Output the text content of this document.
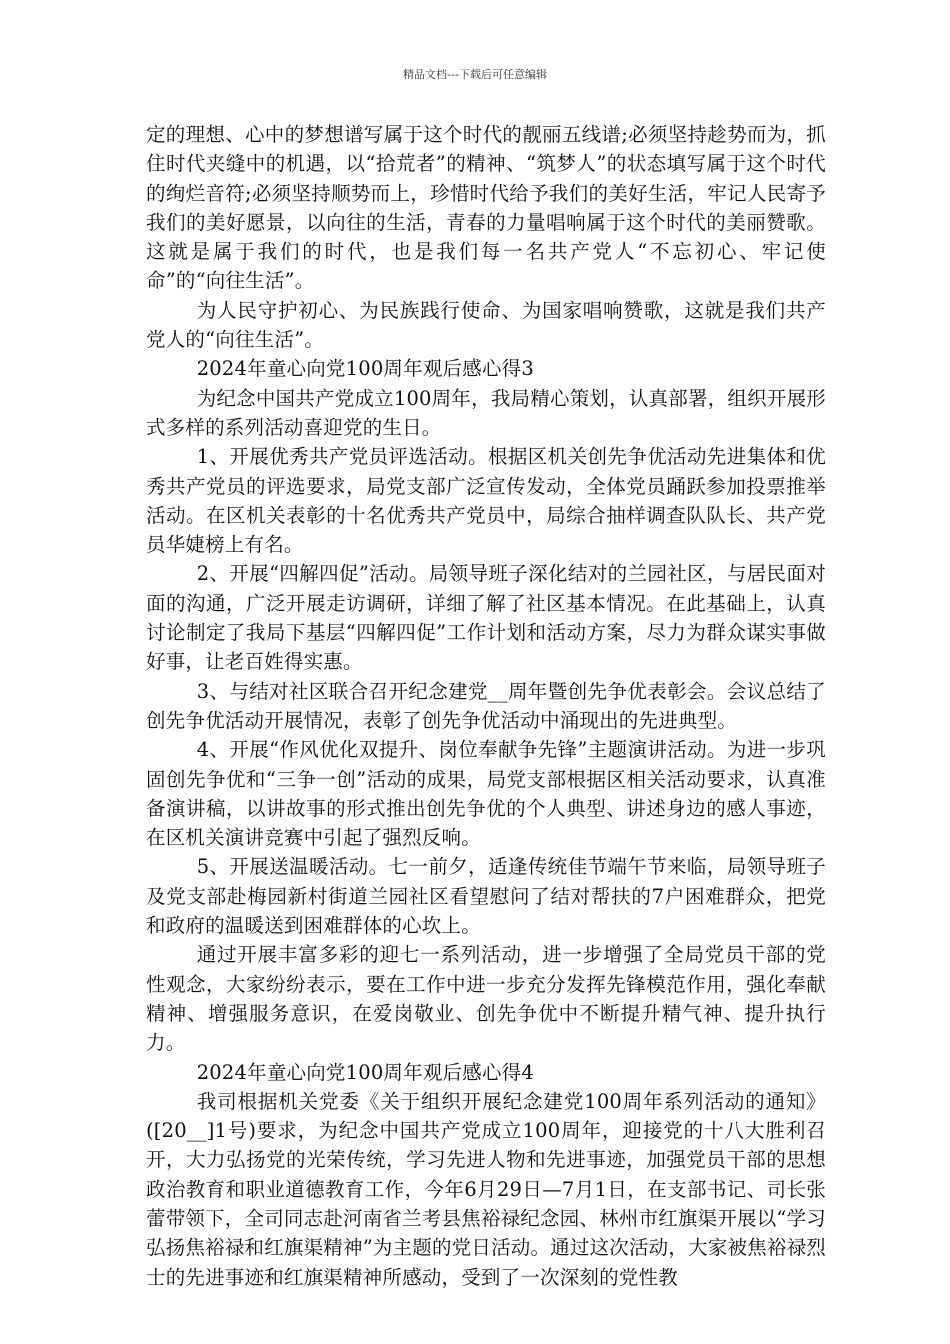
精品文档---下载后可任意编辑

定的理想、心中的梦想谱写属于这个时代的靓丽五线谱;必须坚持趁势而为，抓住时代夹缝中的机遇，以“拾荒者”的精神、“筑梦人”的状态填写属于这个时代的绚烂音符;必须坚持顺势而上，珍惜时代给予我们的美好生活，牢记人民寄予我们的美好愿景，以向往的生活，青春的力量唱响属于这个时代的美丽赞歌。这就是属于我们的时代，也是我们每一名共产党人“不忘初心、牢记使命”的“向往生活”。

为人民守护初心、为民族践行使命、为国家唱响赞歌，这就是我们共产党人的“向往生活”。

2024年童心向党100周年观后感心得3

为纪念中国共产党成立100周年，我局精心策划，认真部署，组织开展形式多样的系列活动喜迎党的生日。

1、开展优秀共产党员评选活动。根据区机关创先争优活动先进集体和优秀共产党员的评选要求，局党支部广泛宣传发动，全体党员踊跃参加投票推举活动。在区机关表彰的十名优秀共产党员中，局综合抽样调查队队长、共产党员华婕榜上有名。

2、开展“四解四促”活动。局领导班子深化结对的兰园社区，与居民面对面的沟通，广泛开展走访调研，详细了解了社区基本情况。在此基础上，认真讨论制定了我局下基层“四解四促”工作计划和活动方案，尽力为群众谋实事做好事，让老百姓得实惠。

3、与结对社区联合召开纪念建党__周年暨创先争优表彰会。会议总结了创先争优活动开展情况，表彰了创先争优活动中涌现出的先进典型。

4、开展“作风优化双提升、岗位奉献争先锋”主题演讲活动。为进一步巩固创先争优和“三争一创”活动的成果，局党支部根据区相关活动要求，认真准备演讲稿，以讲故事的形式推出创先争优的个人典型、讲述身边的感人事迹，在区机关演讲竞赛中引起了强烈反响。

5、开展送温暖活动。七一前夕，适逢传统佳节端午节来临，局领导班子及党支部赴梅园新村街道兰园社区看望慰问了结对帮扶的7户困难群众，把党和政府的温暖送到困难群体的心坎上。

通过开展丰富多彩的迎七一系列活动，进一步增强了全局党员干部的党性观念，大家纷纷表示，要在工作中进一步充分发挥先锋模范作用，强化奉献精神、增强服务意识，在爱岗敬业、创先争优中不断提升精气神、提升执行力。

2024年童心向党100周年观后感心得4

我司根据机关党委《关于组织开展纪念建党100周年系列活动的通知》([20__]1号)要求，为纪念中国共产党成立100周年，迎接党的十八大胜利召开，大力弘扬党的光荣传统，学习先进人物和先进事迹，加强党员干部的思想政治教育和职业道德教育工作，今年6月29日—7月1日，在支部书记、司长张蕾带领下，全司同志赴河南省兰考县焦裕禄纪念园、林州市红旗渠开展以“学习弘扬焦裕禄和红旗渠精神”为主题的党日活动。通过这次活动，大家被焦裕禄烈士的先进事迹和红旗渠精神所感动，受到了一次深刻的党性教
